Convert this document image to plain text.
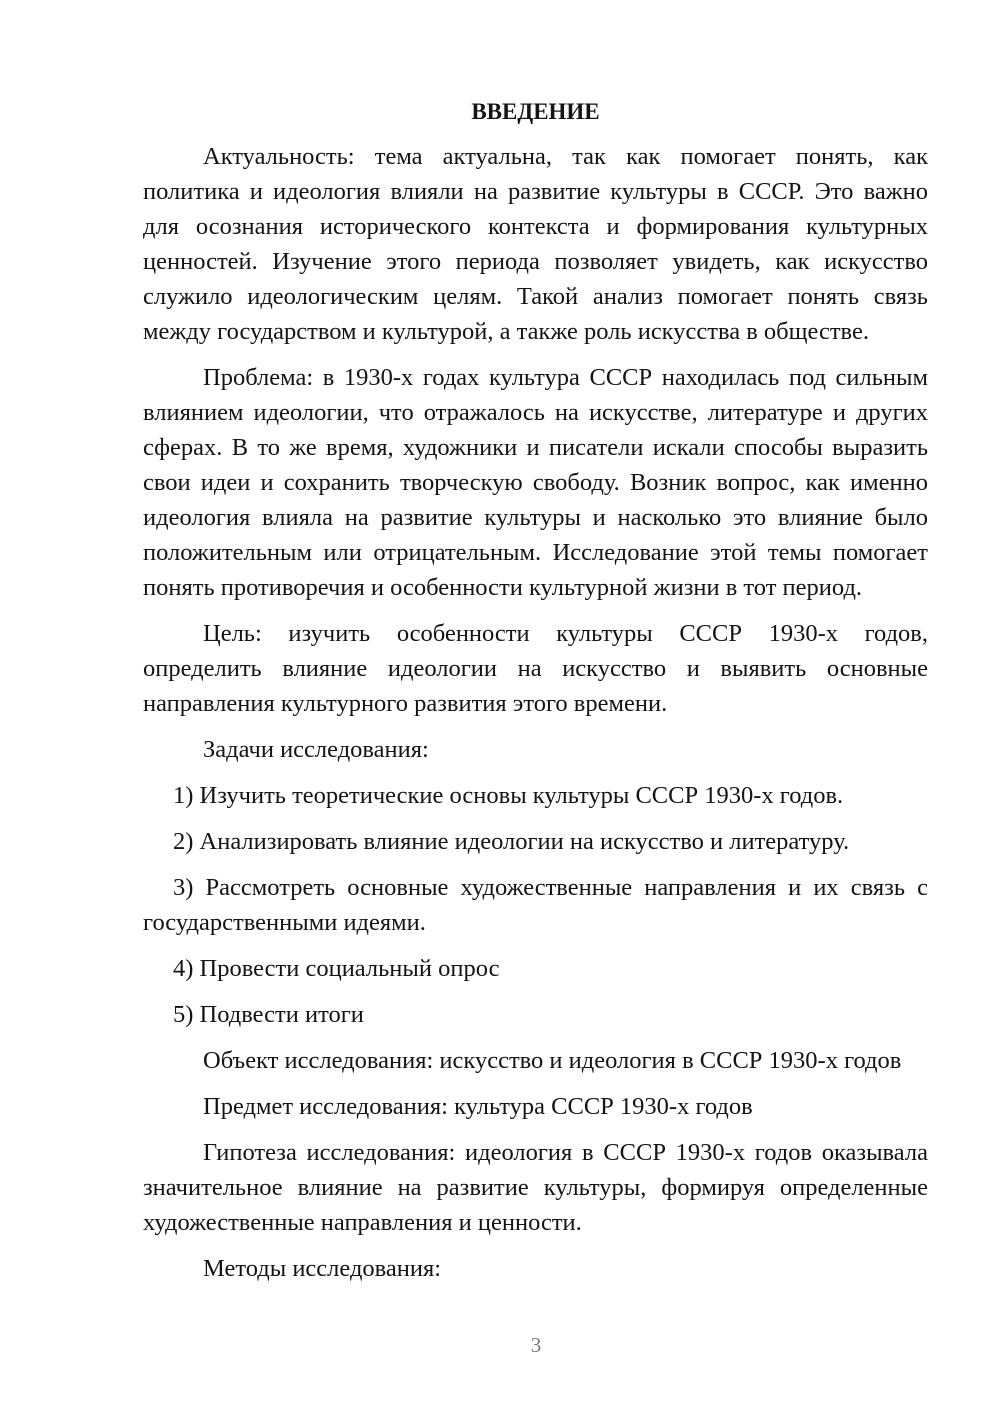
ВВЕДЕНИЕ

Актуальность: тема актуальна, так как помогает понять, как политика и идеология влияли на развитие культуры в СССР. Это важно для осознания исторического контекста и формирования культурных ценностей. Изучение этого периода позволяет увидеть, как искусство служило идеологическим целям. Такой анализ помогает понять связь между государством и культурой, а также роль искусства в обществе.

Проблема: в 1930-х годах культура СССР находилась под сильным влиянием идеологии, что отражалось на искусстве, литературе и других сферах. В то же время, художники и писатели искали способы выразить свои идеи и сохранить творческую свободу. Возник вопрос, как именно идеология влияла на развитие культуры и насколько это влияние было положительным или отрицательным. Исследование этой темы помогает понять противоречия и особенности культурной жизни в тот период.

Цель: изучить особенности культуры СССР 1930-х годов, определить влияние идеологии на искусство и выявить основные направления культурного развития этого времени.

Задачи исследования:

1) Изучить теоретические основы культуры СССР 1930-х годов.

2) Анализировать влияние идеологии на искусство и литературу.

3) Рассмотреть основные художественные направления и их связь с государственными идеями.

4) Провести социальный опрос

5) Подвести итоги

Объект исследования: искусство и идеология в СССР 1930-х годов

Предмет исследования: культура СССР 1930-х годов

Гипотеза исследования: идеология в СССР 1930-х годов оказывала значительное влияние на развитие культуры, формируя определенные художественные направления и ценности.

Методы исследования:

3
